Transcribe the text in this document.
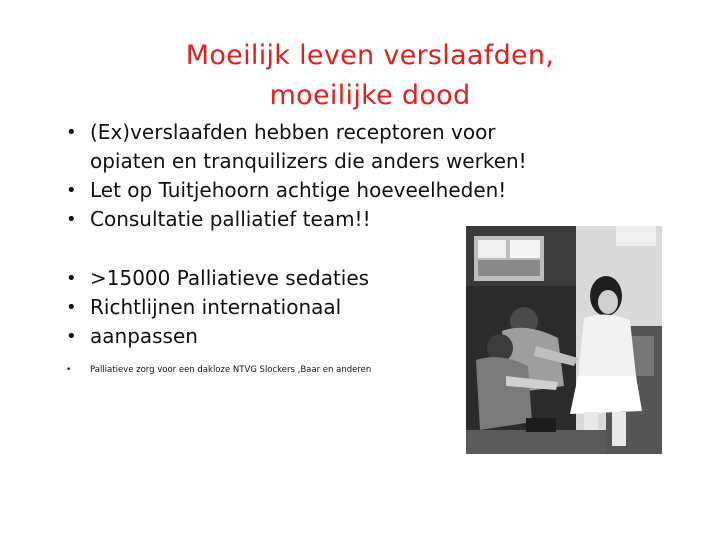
Moeilijk leven verslaafden,
moeilijke dood
• (Ex)verslaafden hebben receptoren voor
opiaten en tranquilizers die anders werken!
• Let op Tuitjehoorn achtige hoeveelheden!
• Consultatie palliatief team!!
• >15000 Palliatieve sedaties
• Richtlijnen internationaal
• aanpassen
• Palliatieve zorg voor een dakloze NTVG Slockers ,Baar en anderen
